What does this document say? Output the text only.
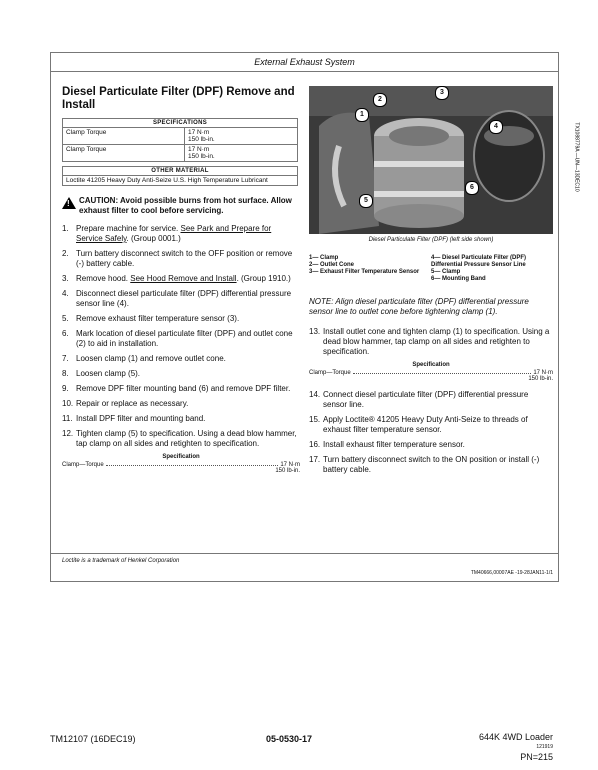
External Exhaust System
Diesel Particulate Filter (DPF) Remove and Install
SPECIFICATIONS	
Clamp Torque	17 N·m
150 lb-in.

Clamp Torque	17 N·m
150 lb-in.
OTHER MATERIAL
Loctite 41205 Heavy Duty Anti-Seize U.S. High Temperature Lubricant
! CAUTION: Avoid possible burns from hot surface. Allow exhaust filter to cool before servicing.
1. Prepare machine for service. See Park and Prepare for Service Safely. (Group 0001.)
2. Turn battery disconnect switch to the OFF position or remove (-) battery cable.
3. Remove hood. See Hood Remove and Install. (Group 1910.)
4. Disconnect diesel particulate filter (DPF) differential pressure sensor line (4).
5. Remove exhaust filter temperature sensor (3).
6. Mark location of diesel particulate filter (DPF) and outlet cone (2) to aid in installation.
7. Loosen clamp (1) and remove outlet cone.
8. Loosen clamp (5).
9. Remove DPF filter mounting band (6) and remove DPF filter.
10. Repair or replace as necessary.
11. Install DPF filter and mounting band.
12. Tighten clamp (5) to specification. Using a dead blow hammer, tap clamp on all sides and retighten to specification.
Specification
Clamp—Torque	17 N·m
150 lb-in.
1
2
3
4
5
6	TX1088779A —UN—13DEC10
Diesel Particulate Filter (DPF) (left side shown)
1— Clamp
2— Outlet Cone
3— Exhaust Filter Temperature Sensor
4— Diesel Particulate Filter (DPF) Differential Pressure Sensor Line
5— Clamp
6— Mounting Band
NOTE: Align diesel particulate filter (DPF) differential pressure sensor line to outlet cone before tightening clamp (1).
13. Install outlet cone and tighten clamp (1) to specification. Using a dead blow hammer, tap clamp on all sides and retighten to specification.
Specification
Clamp—Torque	17 N·m
150 lb-in.
14. Connect diesel particulate filter (DPF) differential pressure sensor line.
15. Apply Loctite® 41205 Heavy Duty Anti-Seize to threads of exhaust filter temperature sensor.
16. Install exhaust filter temperature sensor.
17. Turn battery disconnect switch to the ON position or install (-) battery cable.
Loctite is a trademark of Henkel Corporation
TM40666,00007AE -19-28JAN11-1/1
TM12107 (16DEC19)	05-0530-17	644K 4WD Loader
121919
PN=215
